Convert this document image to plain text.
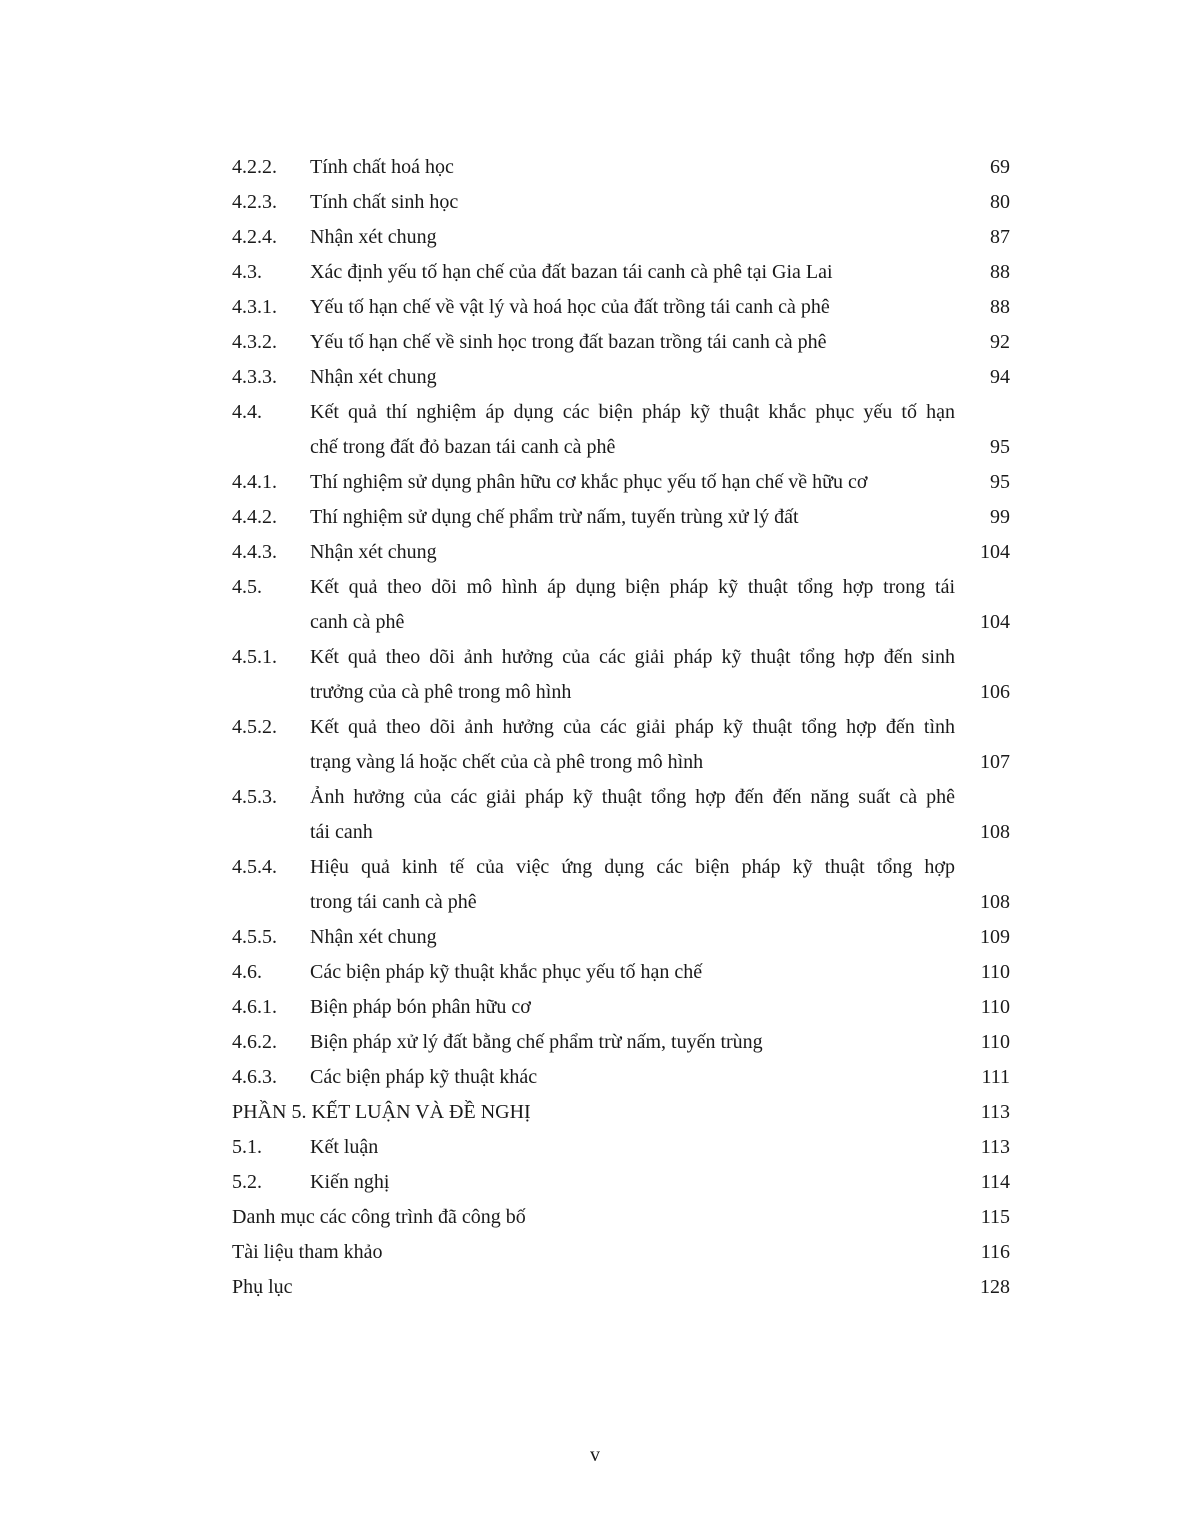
4.2.2. Tính chất hoá học	69
4.2.3. Tính chất sinh học	80
4.2.4. Nhận xét chung	87
4.3. Xác định yếu tố hạn chế của đất bazan tái canh cà phê tại Gia Lai	88
4.3.1. Yếu tố hạn chế về vật lý và hoá học của đất trồng tái canh cà phê	88
4.3.2. Yếu tố hạn chế về sinh học trong đất bazan trồng tái canh cà phê	92
4.3.3. Nhận xét chung	94
4.4. Kết quả thí nghiệm áp dụng các biện pháp kỹ thuật khắc phục yếu tố hạn
chế trong đất đỏ bazan tái canh cà phê	95
4.4.1. Thí nghiệm sử dụng phân hữu cơ khắc phục yếu tố hạn chế về hữu cơ	95
4.4.2. Thí nghiệm sử dụng chế phẩm trừ nấm, tuyến trùng xử lý đất	99
4.4.3. Nhận xét chung	104
4.5. Kết quả theo dõi mô hình áp dụng biện pháp kỹ thuật tổng hợp trong tái
canh cà phê	104
4.5.1. Kết quả theo dõi ảnh hưởng của các giải pháp kỹ thuật tổng hợp đến sinh
trưởng của cà phê trong mô hình	106
4.5.2. Kết quả theo dõi ảnh hưởng của các giải pháp kỹ thuật tổng hợp đến tình
trạng vàng lá hoặc chết của cà phê trong mô hình	107
4.5.3. Ảnh hưởng của các giải pháp kỹ thuật tổng hợp đến đến năng suất cà phê
tái canh	108
4.5.4. Hiệu quả kinh tế của việc ứng dụng các biện pháp kỹ thuật tổng hợp
trong tái canh cà phê	108
4.5.5. Nhận xét chung	109
4.6. Các biện pháp kỹ thuật khắc phục yếu tố hạn chế	110
4.6.1. Biện pháp bón phân hữu cơ	110
4.6.2. Biện pháp xử lý đất bằng chế phẩm trừ nấm, tuyến trùng	110
4.6.3. Các biện pháp kỹ thuật khác	111
PHẦN 5. KẾT LUẬN VÀ ĐỀ NGHỊ	113
5.1. Kết luận	113
5.2. Kiến nghị	114
Danh mục các công trình đã công bố	115
Tài liệu tham khảo	116
Phụ lục	128
v
